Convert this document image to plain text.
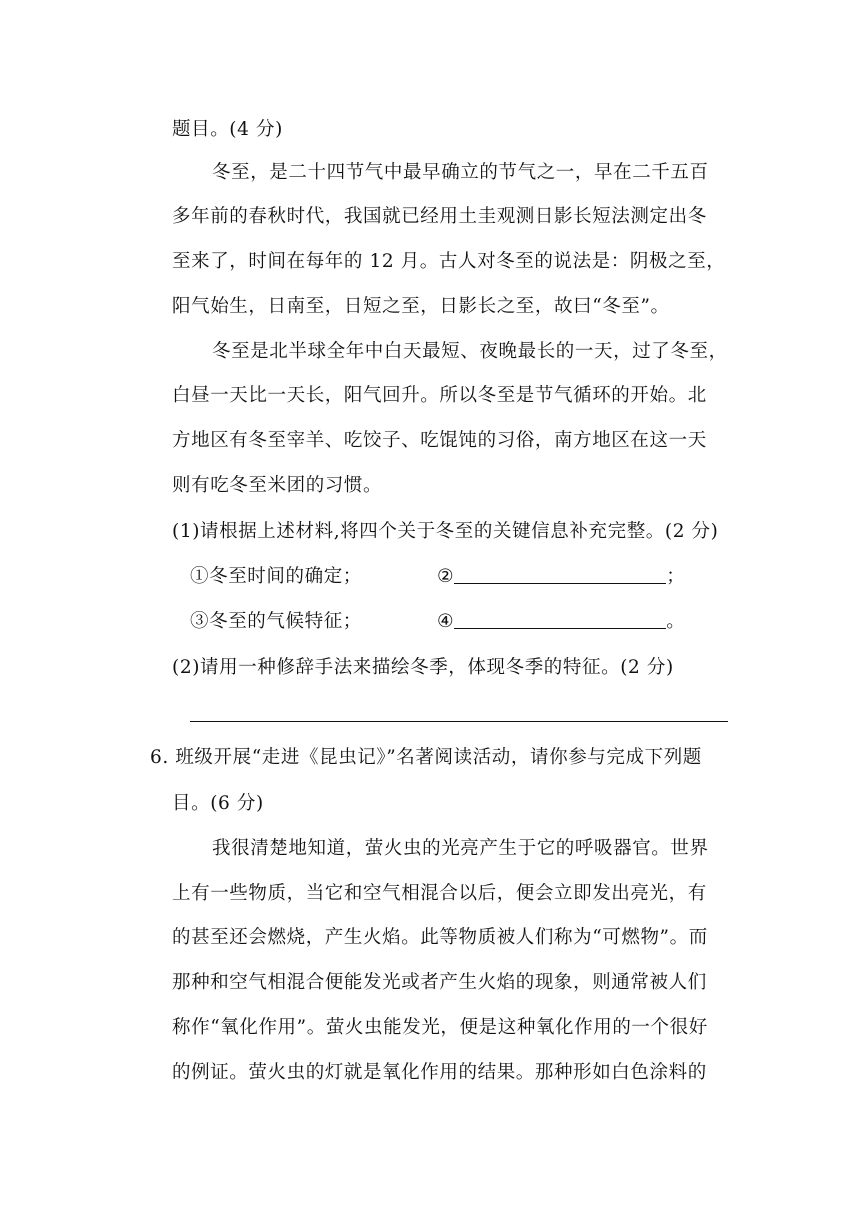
题目。(4 分)
冬至，是二十四节气中最早确立的节气之一，早在二千五百
多年前的春秋时代，我国就已经用土圭观测日影长短法测定出冬
至来了，时间在每年的 12 月。古人对冬至的说法是：阴极之至，
阳气始生，日南至，日短之至，日影长之至，故曰“冬至”。
冬至是北半球全年中白天最短、夜晚最长的一天，过了冬至，
白昼一天比一天长，阳气回升。所以冬至是节气循环的开始。北
方地区有冬至宰羊、吃饺子、吃馄饨的习俗，南方地区在这一天
则有吃冬至米团的习惯。
(1)请根据上述材料,将四个关于冬至的关键信息补充完整。(2 分)
①冬至时间的确定；	②	；
③冬至的气候特征；	④	。
(2)请用一种修辞手法来描绘冬季，体现冬季的特征。(2 分)
6. 班级开展“走进《昆虫记》”名著阅读活动，请你参与完成下列题
目。(6 分)
我很清楚地知道，萤火虫的光亮产生于它的呼吸器官。世界
上有一些物质，当它和空气相混合以后，便会立即发出亮光，有
的甚至还会燃烧，产生火焰。此等物质被人们称为“可燃物”。而
那种和空气相混合便能发光或者产生火焰的现象，则通常被人们
称作“氧化作用”。萤火虫能发光，便是这种氧化作用的一个很好
的例证。萤火虫的灯就是氧化作用的结果。那种形如白色涂料的
